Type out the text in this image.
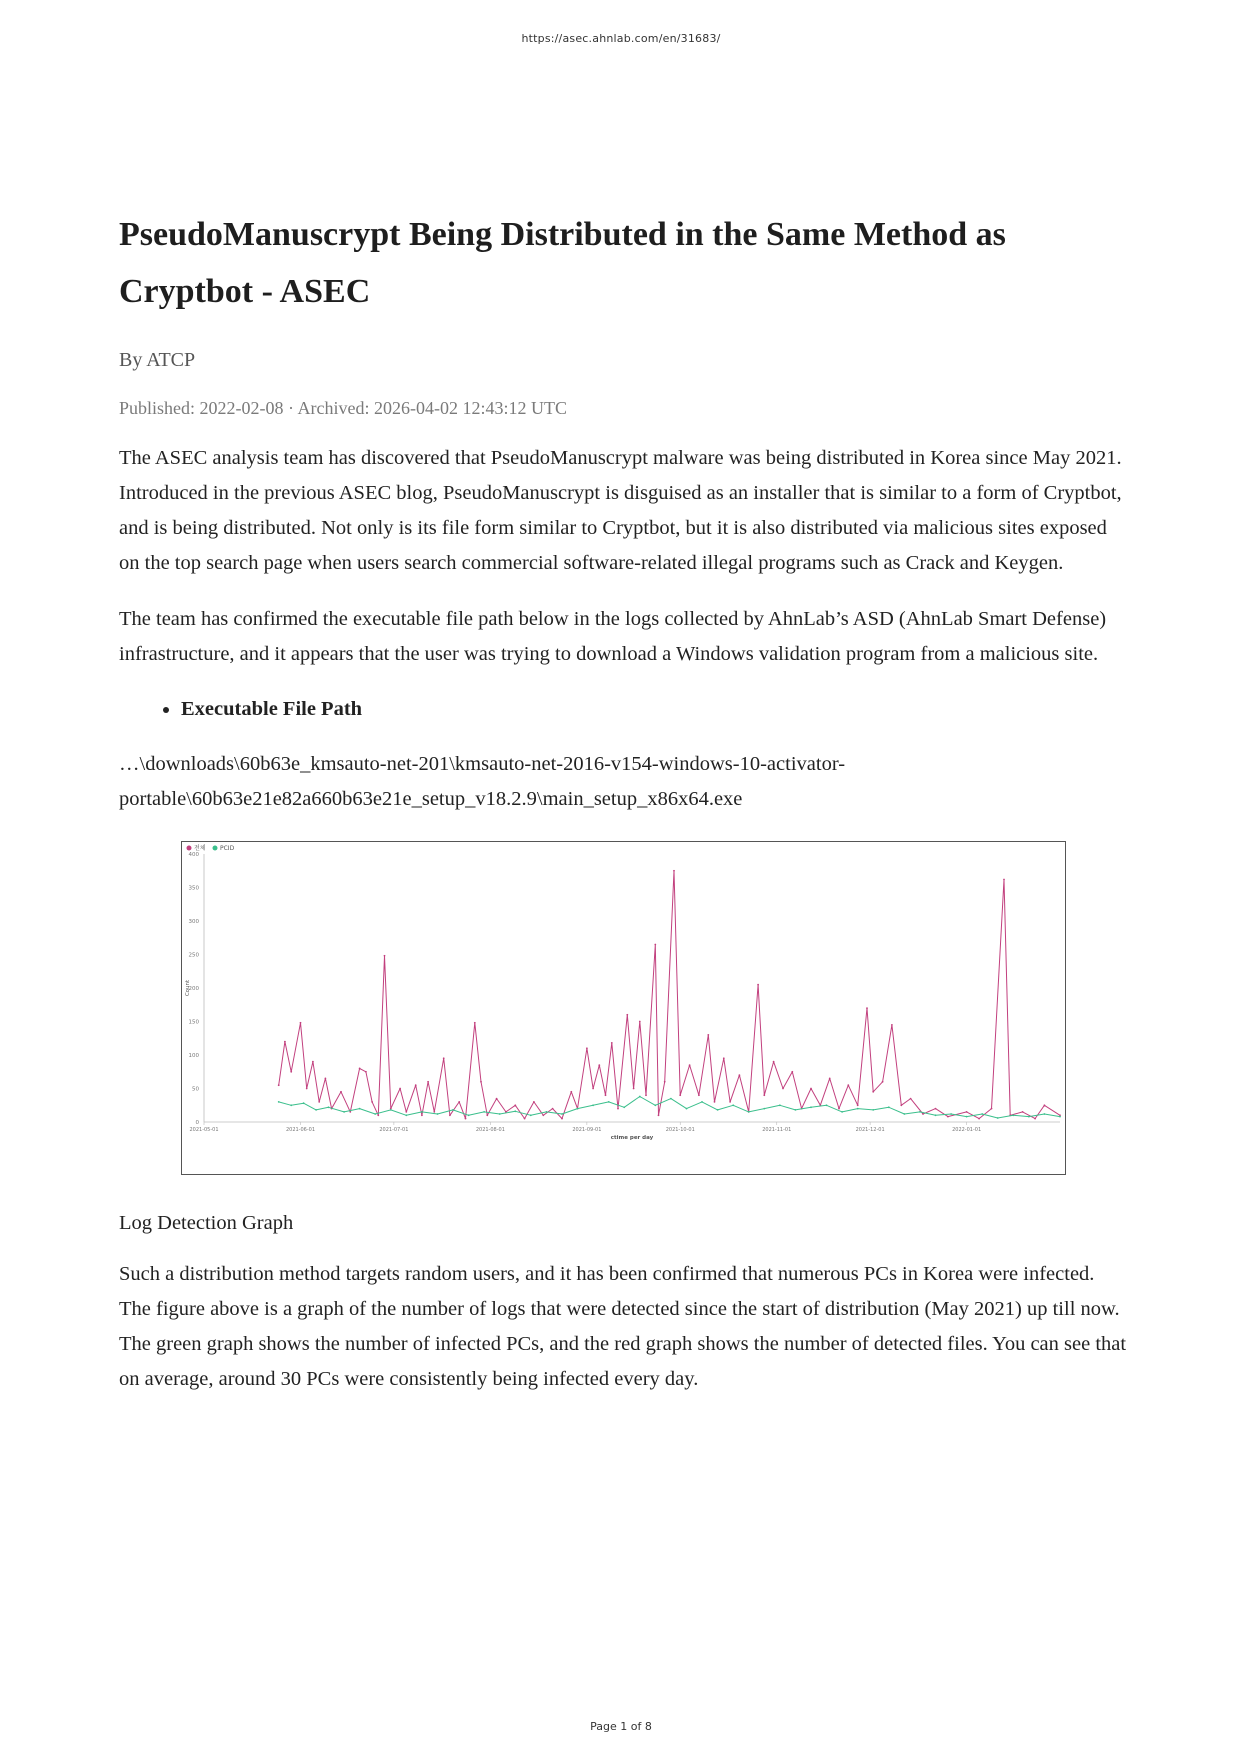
https://asec.ahnlab.com/en/31683/
PseudoManuscrypt Being Distributed in the Same Method as Cryptbot - ASEC
By ATCP
Published: 2022-02-08 · Archived: 2026-04-02 12:43:12 UTC

The ASEC analysis team has discovered that PseudoManuscrypt malware was being distributed in Korea since May 2021. Introduced in the previous ASEC blog, PseudoManuscrypt is disguised as an installer that is similar to a form of Cryptbot, and is being distributed. Not only is its file form similar to Cryptbot, but it is also distributed via malicious sites exposed on the top search page when users search commercial software-related illegal programs such as Crack and Keygen.

The team has confirmed the executable file path below in the logs collected by AhnLab’s ASD (AhnLab Smart Defense) infrastructure, and it appears that the user was trying to download a Windows validation program from a malicious site.

• Executable File Path
…\downloads\60b63e_kmsauto-net-201\kmsauto-net-2016-v154-windows-10-activator-portable\60b63e21e82a660b63e21e_setup_v18.2.9\main_setup_x86x64.exe
0
50
100
150
200
250
300
350
400
2021-05-01	2021-06-01	2021-07-01	2021-08-01	2021-09-01	2021-10-01	2021-11-01	2021-12-01	2022-01-01
ctime per day
Count
전체 PCID
Log Detection Graph

Such a distribution method targets random users, and it has been confirmed that numerous PCs in Korea were infected. The figure above is a graph of the number of logs that were detected since the start of distribution (May 2021) up till now. The green graph shows the number of infected PCs, and the red graph shows the number of detected files. You can see that on average, around 30 PCs were consistently being infected every day.

Page 1 of 8
